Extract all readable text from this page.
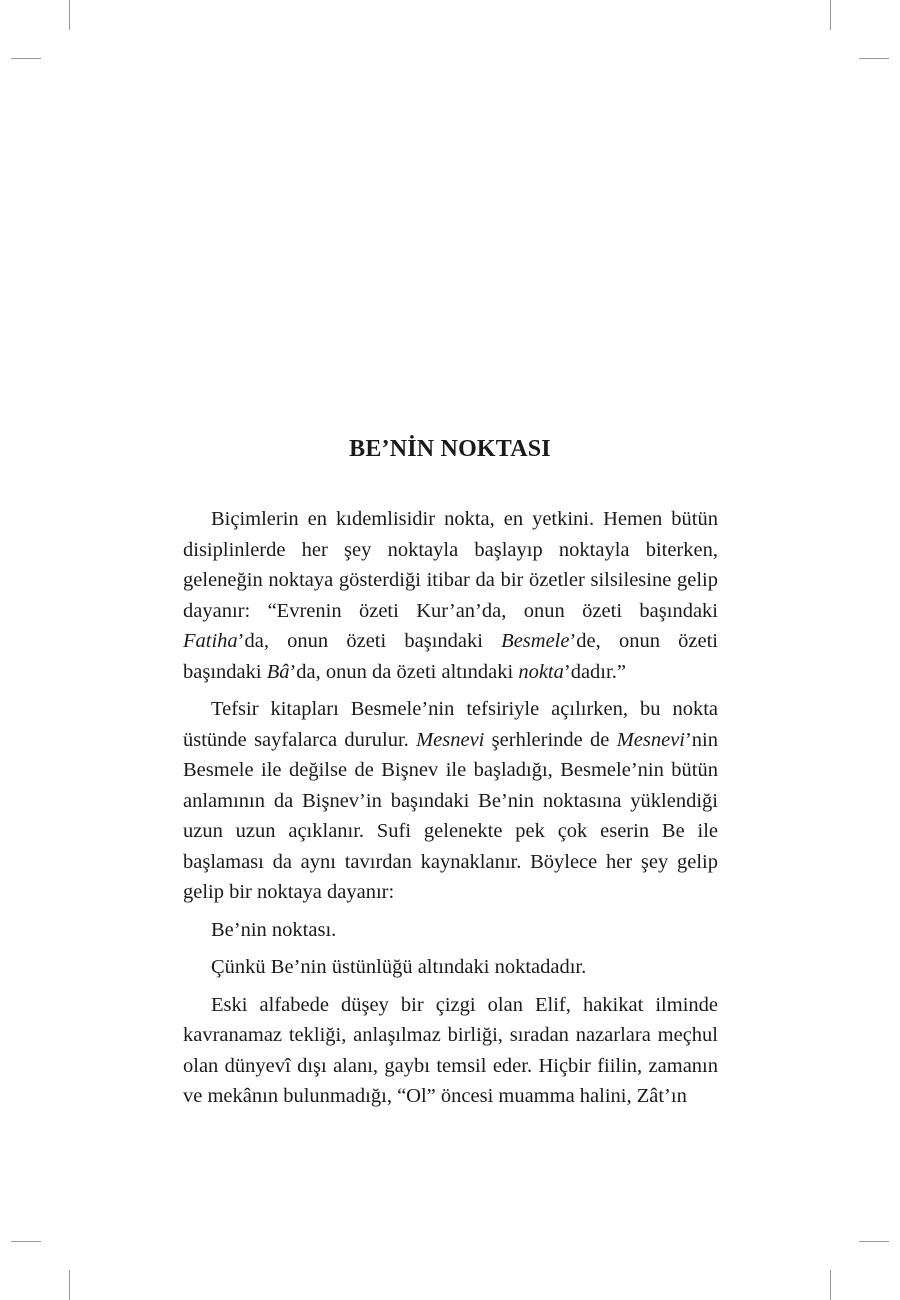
BE’NİN NOKTASI

Biçimlerin en kıdemlisidir nokta, en yetkini. Hemen bütün disiplinlerde her şey noktayla başlayıp noktayla biterken, geleneğin noktaya gösterdiği itibar da bir özetler silsilesine gelip dayanır: “Evrenin özeti Kur’an’da, onun özeti başındaki Fatiha’da, onun özeti başındaki Besmele’de, onun özeti başındaki Bâ’da, onun da özeti altındaki nokta’dadır.”

Tefsir kitapları Besmele’nin tefsiriyle açılırken, bu nokta üstünde sayfalarca durulur. Mesnevi şerhlerinde de Mesnevi’nin Besmele ile değilse de Bişnev ile başladığı, Besmele’nin bütün anlamının da Bişnev’in başındaki Be’nin noktasına yüklendiği uzun uzun açıklanır. Sufi gelenekte pek çok eserin Be ile başlaması da aynı tavırdan kaynaklanır. Böylece her şey gelip gelip bir noktaya dayanır:

Be’nin noktası.

Çünkü Be’nin üstünlüğü altındaki noktadadır.

Eski alfabede düşey bir çizgi olan Elif, hakikat ilminde kavranamaz tekliği, anlaşılmaz birliği, sıradan nazarlara meçhul olan dünyevî dışı alanı, gaybı temsil eder. Hiçbir fiilin, zamanın ve mekânın bulunmadığı, “Ol” öncesi muamma halini, Zât’ın
